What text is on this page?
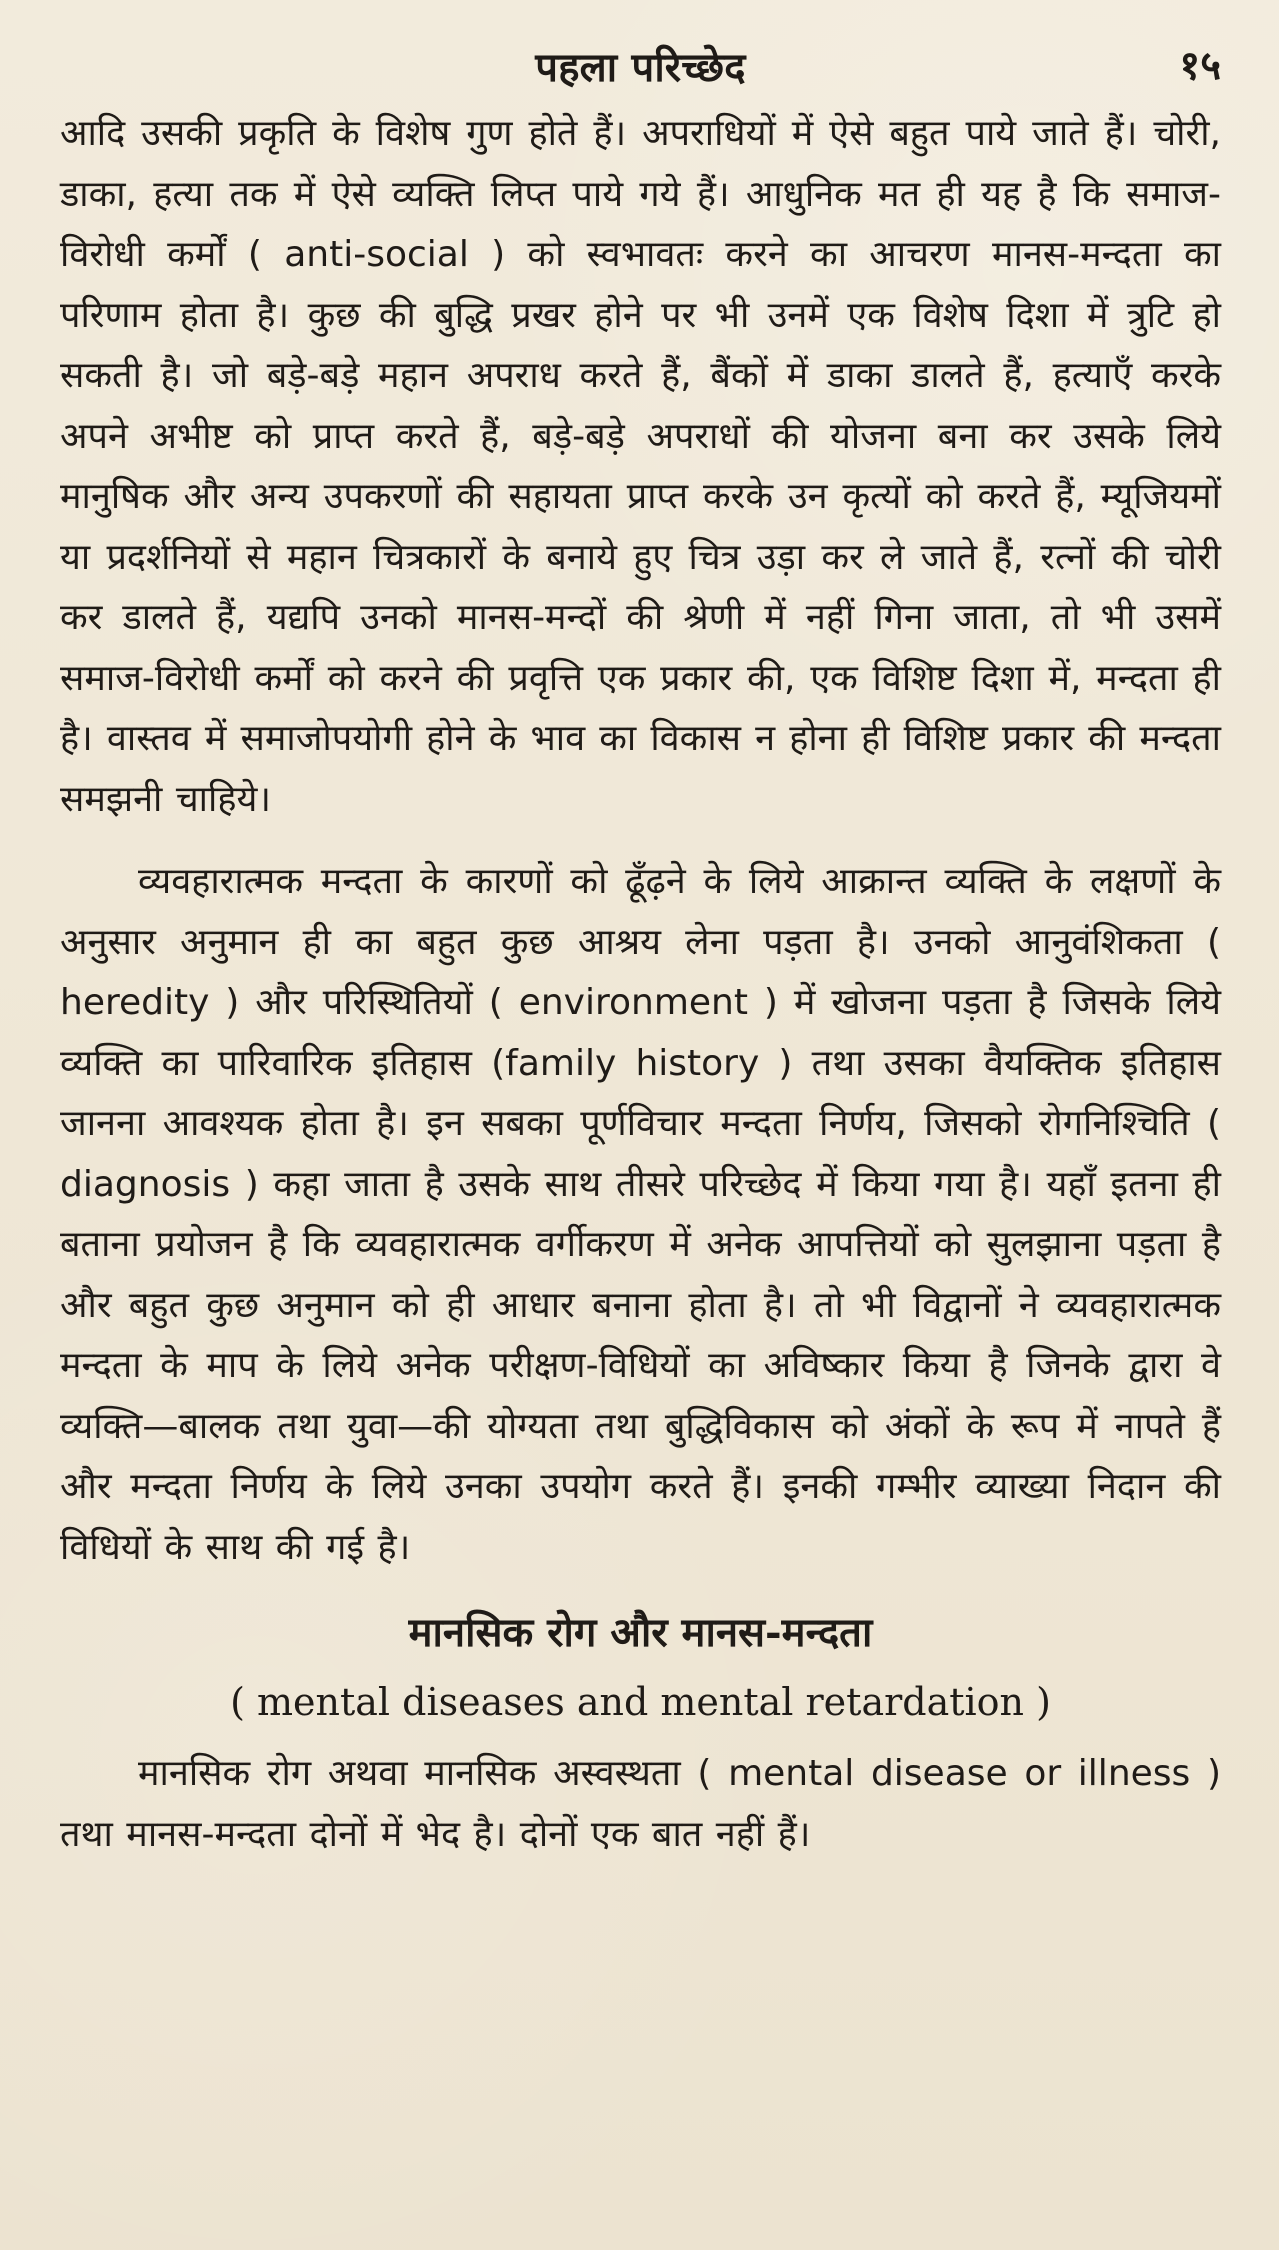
पहला परिच्छेद	१५

आदि उसकी प्रकृति के विशेष गुण होते हैं। अपराधियों में ऐसे बहुत पाये जाते हैं। चोरी, डाका, हत्या तक में ऐसे व्यक्ति लिप्त पाये गये हैं। आधुनिक मत ही यह है कि समाज-विरोधी कर्मों ( anti-social ) को स्वभावतः करने का आचरण मानस-मन्दता का परिणाम होता है। कुछ की बुद्धि प्रखर होने पर भी उनमें एक विशेष दिशा में त्रुटि हो सकती है। जो बड़े-बड़े महान अपराध करते हैं, बैंकों में डाका डालते हैं, हत्याएँ करके अपने अभीष्ट को प्राप्त करते हैं, बड़े-बड़े अपराधों की योजना बना कर उसके लिये मानुषिक और अन्य उपकरणों की सहायता प्राप्त करके उन कृत्यों को करते हैं, म्यूजियमों या प्रदर्शनियों से महान चित्रकारों के बनाये हुए चित्र उड़ा कर ले जाते हैं, रत्नों की चोरी कर डालते हैं, यद्यपि उनको मानस-मन्दों की श्रेणी में नहीं गिना जाता, तो भी उसमें समाज-विरोधी कर्मों को करने की प्रवृत्ति एक प्रकार की, एक विशिष्ट दिशा में, मन्दता ही है। वास्तव में समाजोपयोगी होने के भाव का विकास न होना ही विशिष्ट प्रकार की मन्दता समझनी चाहिये।

व्यवहारात्मक मन्दता के कारणों को ढूँढ़ने के लिये आक्रान्त व्यक्ति के लक्षणों के अनुसार अनुमान ही का बहुत कुछ आश्रय लेना पड़ता है। उनको आनुवंशिकता ( heredity ) और परिस्थितियों ( environment ) में खोजना पड़ता है जिसके लिये व्यक्ति का पारिवारिक इतिहास (family history ) तथा उसका वैयक्तिक इतिहास जानना आवश्यक होता है। इन सबका पूर्णविचार मन्दता निर्णय, जिसको रोगनिश्चिति ( diagnosis ) कहा जाता है उसके साथ तीसरे परिच्छेद में किया गया है। यहाँ इतना ही बताना प्रयोजन है कि व्यवहारात्मक वर्गीकरण में अनेक आपत्तियों को सुलझाना पड़ता है और बहुत कुछ अनुमान को ही आधार बनाना होता है। तो भी विद्वानों ने व्यवहारात्मक मन्दता के माप के लिये अनेक परीक्षण-विधियों का अविष्कार किया है जिनके द्वारा वे व्यक्ति—बालक तथा युवा—की योग्यता तथा बुद्धिविकास को अंकों के रूप में नापते हैं और मन्दता निर्णय के लिये उनका उपयोग करते हैं। इनकी गम्भीर व्याख्या निदान की विधियों के साथ की गई है।

मानसिक रोग और मानस-मन्दता
( mental diseases and mental retardation )

मानसिक रोग अथवा मानसिक अस्वस्थता ( mental disease or illness ) तथा मानस-मन्दता दोनों में भेद है। दोनों एक बात नहीं हैं।
